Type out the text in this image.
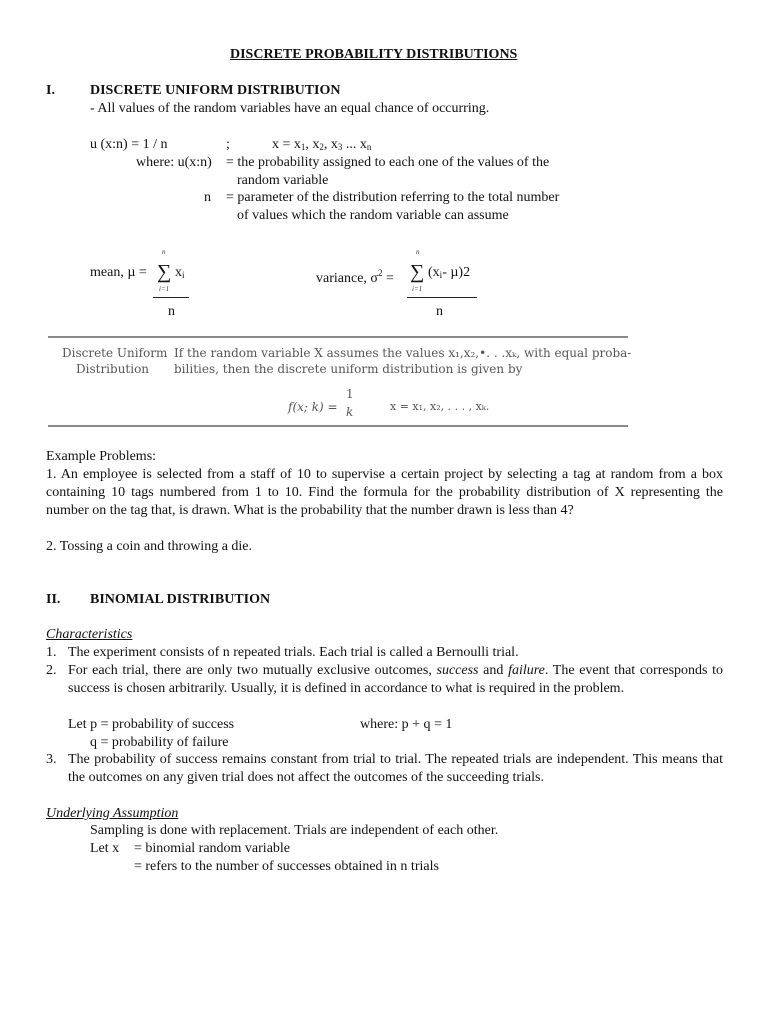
DISCRETE PROBABILITY DISTRIBUTIONS
I.	DISCRETE UNIFORM DISTRIBUTION
- All values of the random variables have an equal chance of occurring.
u (x:n) = 1 / n	;	$x = x_1$, $x_2$, $x_3$ ... $x_n$
where: u(x:n) = the probability assigned to each one of the values of the
random variable
n = parameter of the distribution referring to the total number
of values which the random variable can assume
mean, µ =
n
∑
i=1
$x_i$
n
variance, $\sigma^2$ =
n
∑
i=1
($x_i-$ µ)2
n
Discrete Uniform
Distribution
If the random variable X assumes the values x₁,x₂,•. . .xₖ, with equal proba-
bilities, then the discrete uniform distribution is given by
f(x; k) =
1
k	x = x₁, x₂, . . . , xₖ.
Example Problems:
1. An employee is selected from a staff of 10 to supervise a certain project by selecting a tag at random from a box containing 10 tags numbered from 1 to 10. Find the formula for the probability distribution of X representing the number on the tag that, is drawn. What is the probability that the number drawn is less than 4?
2. Tossing a coin and throwing a die.
II. BINOMIAL DISTRIBUTION
Characteristics
1. The experiment consists of n repeated trials. Each trial is called a Bernoulli trial.
2. For each trial, there are only two mutually exclusive outcomes, success and failure. The event that corresponds to success is chosen arbitrarily. Usually, it is defined in accordance to what is required in the problem.
Let p = probability of success	where: p + q = 1
q = probability of failure
3. The probability of success remains constant from trial to trial. The repeated trials are independent. This means that the outcomes on any given trial does not affect the outcomes of the succeeding trials.
Underlying Assumption
Sampling is done with replacement. Trials are independent of each other.
Let x = binomial random variable
= refers to the number of successes obtained in n trials
